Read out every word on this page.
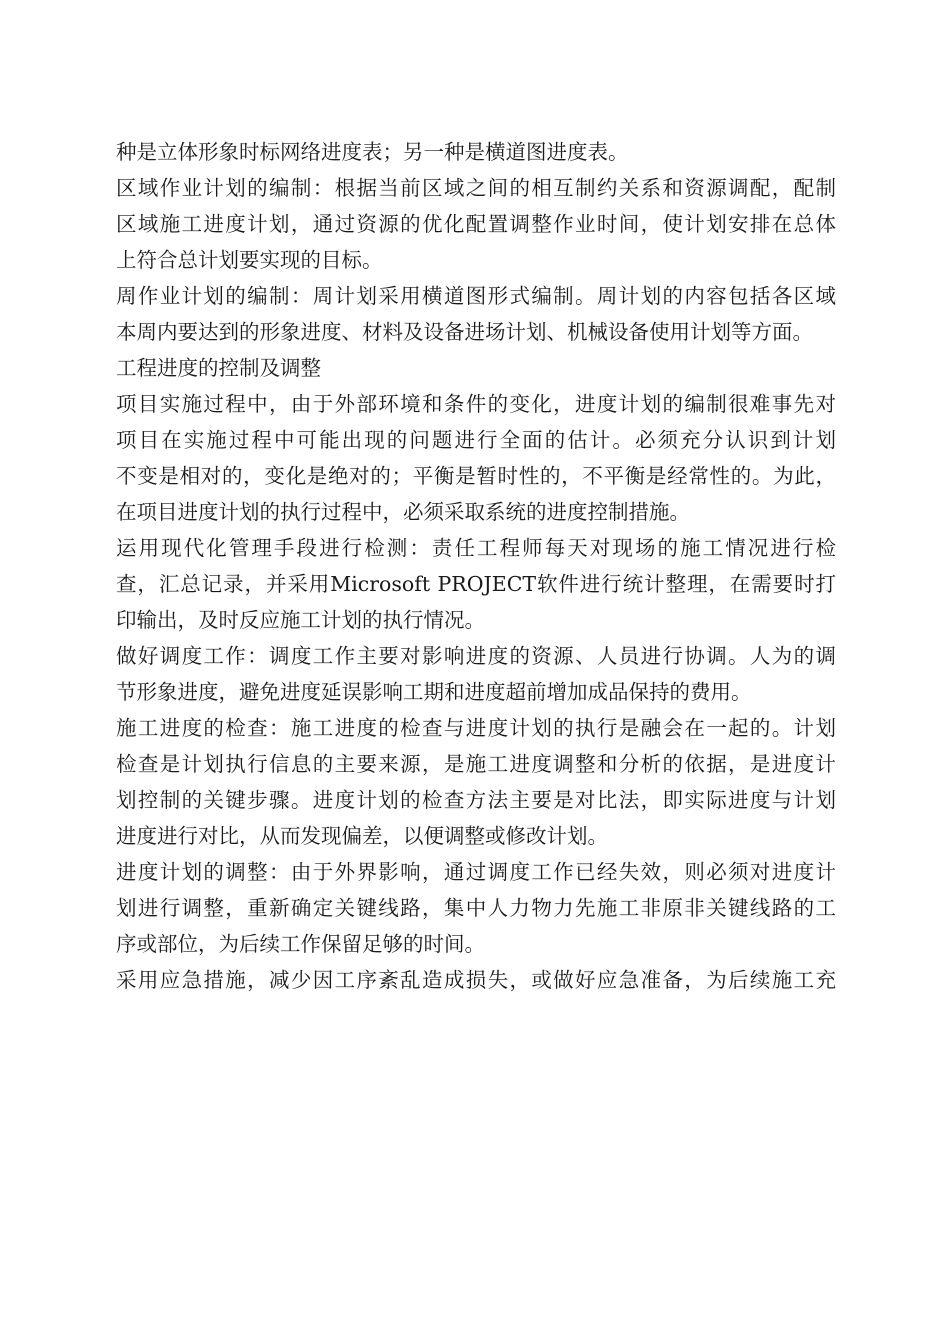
种是立体形象时标网络进度表；另一种是横道图进度表。

区域作业计划的编制：根据当前区域之间的相互制约关系和资源调配，配制

区域施工进度计划，通过资源的优化配置调整作业时间，使计划安排在总体

上符合总计划要实现的目标。

周作业计划的编制：周计划采用横道图形式编制。周计划的内容包括各区域

本周内要达到的形象进度、材料及设备进场计划、机械设备使用计划等方面。

工程进度的控制及调整

项目实施过程中，由于外部环境和条件的变化，进度计划的编制很难事先对

项目在实施过程中可能出现的问题进行全面的估计。必须充分认识到计划

不变是相对的，变化是绝对的；平衡是暂时性的，不平衡是经常性的。为此，

在项目进度计划的执行过程中，必须采取系统的进度控制措施。

运用现代化管理手段进行检测：责任工程师每天对现场的施工情况进行检

查，汇总记录，并采用Microsoft PROJECT软件进行统计整理，在需要时打

印输出，及时反应施工计划的执行情况。

做好调度工作：调度工作主要对影响进度的资源、人员进行协调。人为的调

节形象进度，避免进度延误影响工期和进度超前增加成品保持的费用。

施工进度的检查：施工进度的检查与进度计划的执行是融会在一起的。计划

检查是计划执行信息的主要来源，是施工进度调整和分析的依据，是进度计

划控制的关键步骤。进度计划的检查方法主要是对比法，即实际进度与计划

进度进行对比，从而发现偏差，以便调整或修改计划。

进度计划的调整：由于外界影响，通过调度工作已经失效，则必须对进度计

划进行调整，重新确定关键线路，集中人力物力先施工非原非关键线路的工

序或部位，为后续工作保留足够的时间。

采用应急措施，减少因工序紊乱造成损失，或做好应急准备，为后续施工充
